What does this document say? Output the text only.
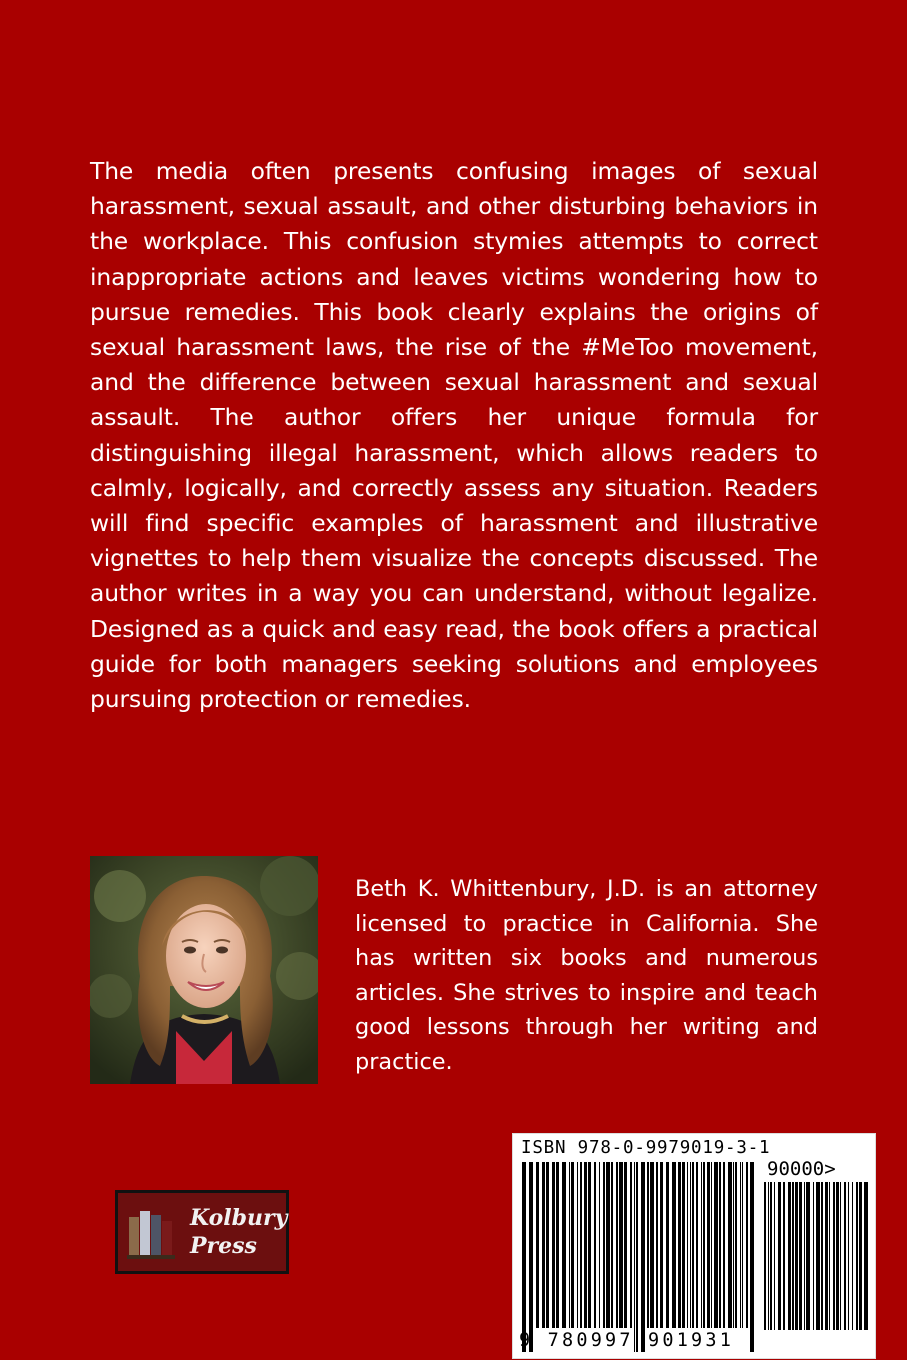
The media often presents confusing images of sexual harassment, sexual assault, and other disturbing behaviors in the workplace. This confusion stymies attempts to correct inappropriate actions and leaves victims wondering how to pursue remedies. This book clearly explains the origins of sexual harassment laws, the rise of the #MeToo movement, and the difference between sexual harassment and sexual assault. The author offers her unique formula for distinguishing illegal harassment, which allows readers to calmly, logically, and correctly assess any situation. Readers will find specific examples of harassment and illustrative vignettes to help them visualize the concepts discussed. The author writes in a way you can understand, without legalize. Designed as a quick and easy read, the book offers a practical guide for both managers seeking solutions and employees pursuing protection or remedies.

Beth K. Whittenbury, J.D. is an attorney licensed to practice in California. She has written six books and numerous articles. She strives to inspire and teach good lessons through her writing and practice.

Kolbury
Press
ISBN 978-0-9979019-3-1
9 780997 901931
90000>
